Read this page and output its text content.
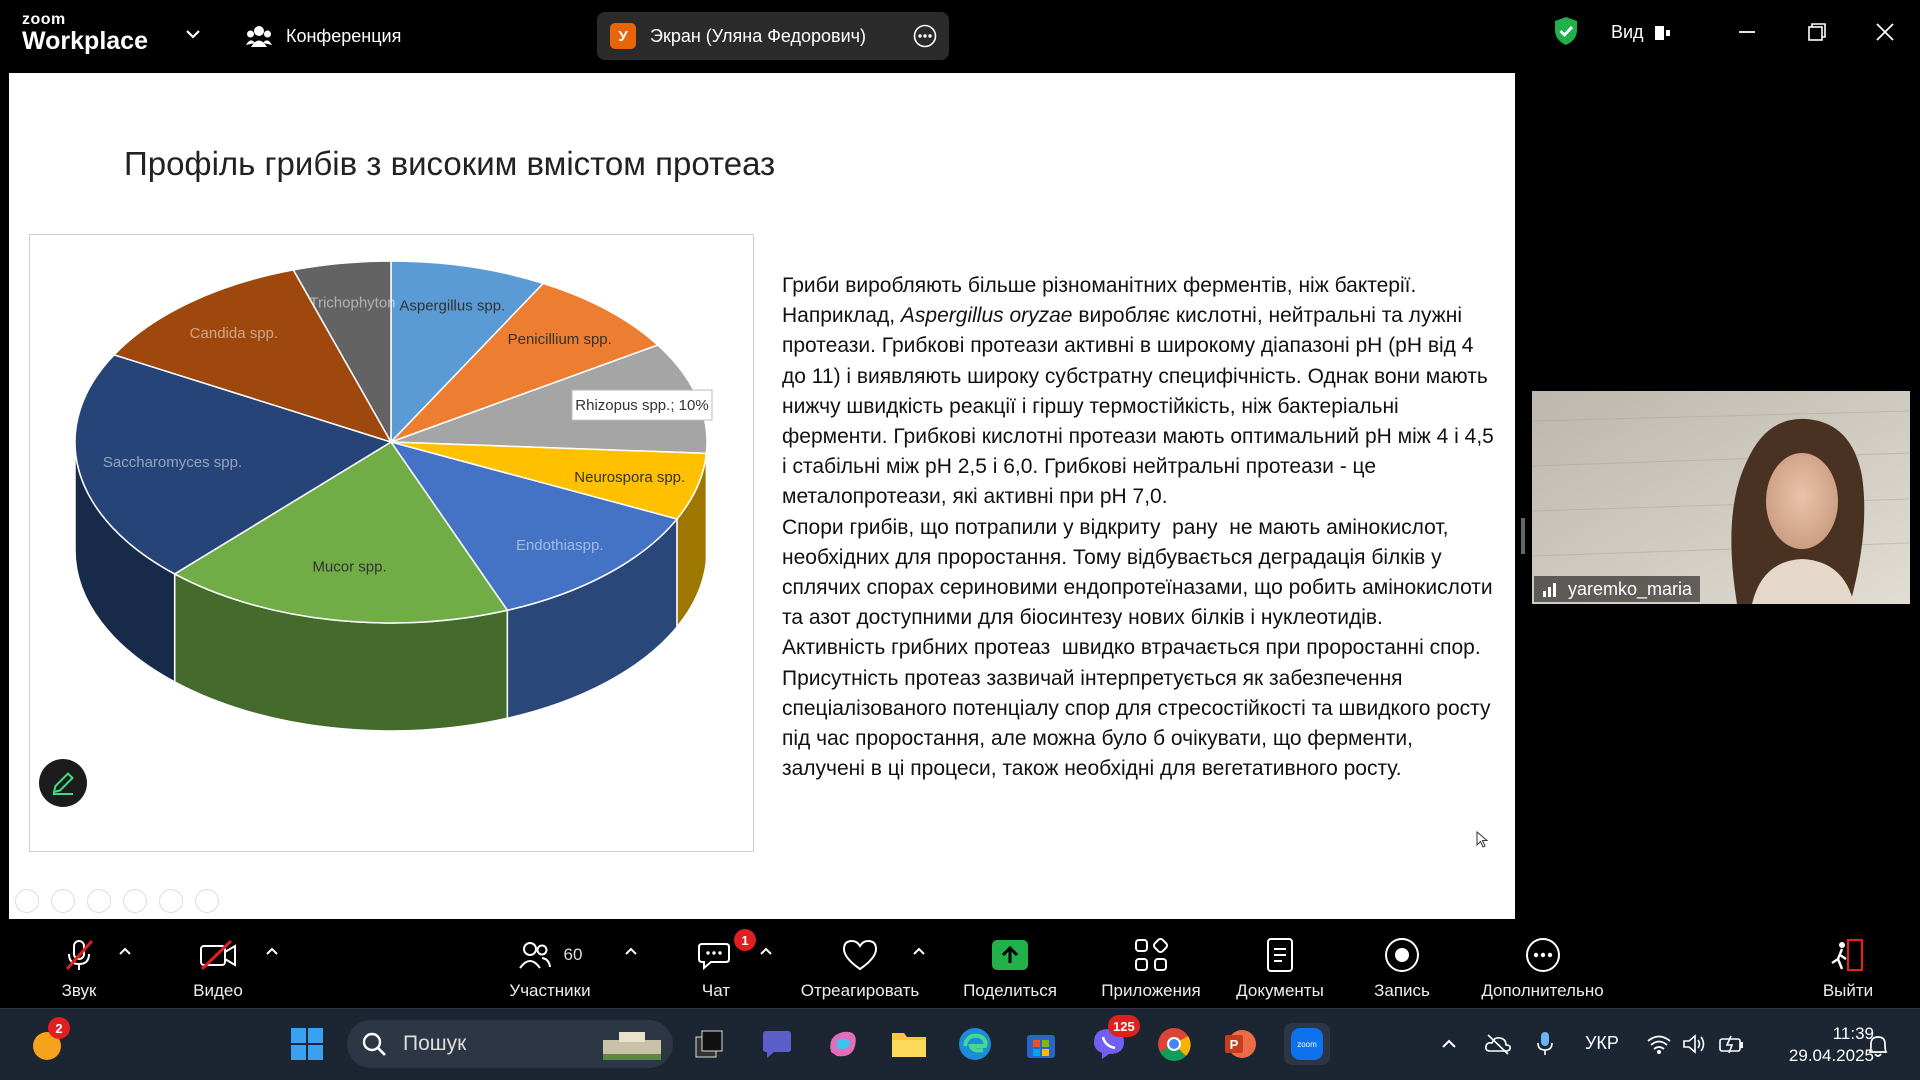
zoom
Workplace	Конференция	У	Экран (Уляна Федорович)	Вид
Профіль грибів з високим вмістом протеаз
Aspergillus spp.
Penicillium spp.
Rhizopus spp.; 10%
Neurospora spp.
Endothiaspp.
Mucor spp.
Saccharomyces spp.
Candida spp.
Trichophyton
Гриби виробляють більше різноманітних ферментів, ніж бактерії. Наприклад, Aspergillus oryzae виробляє кислотні, нейтральні та лужні протеази. Грибкові протеази активні в широкому діапазоні pH (pH від 4 до 11) і виявляють широку субстратну специфічність. Однак вони мають нижчу швидкість реакції і гіршу термостійкість, ніж бактеріальні ферменти. Грибкові кислотні протеази мають оптимальний pH між 4 і 4,5 і стабільні між pH 2,5 і 6,0. Грибкові нейтральні протеази - це металопротеази, які активні при pH 7,0.
Спори грибів, що потрапили у відкриту  рану  не мають амінокислот, необхідних для проростання. Тому відбувається деградація білків у сплячих спорах сериновими ендопротеїназами, що робить амінокислоти та азот доступними для біосинтезу нових білків і нуклеотидів.
Активність грибних протеаз  швидко втрачається при проростанні спор. Присутність протеаз зазвичай інтерпретується як забезпечення спеціалізованого потенціалу спор для стресостійкості та швидкого росту під час проростання, але можна було б очікувати, що ферменти, залучені в ці процеси, також необхідні для вегетативного росту.
yaremko_maria
Звук	Видео
60
Участники
1
Чат	Отреагировать	Поделиться	Приложения Документы	Запись	Дополнительно	Выйти
2
Пошук
125
P	zoom	УКР	11:39
29.04.2025
